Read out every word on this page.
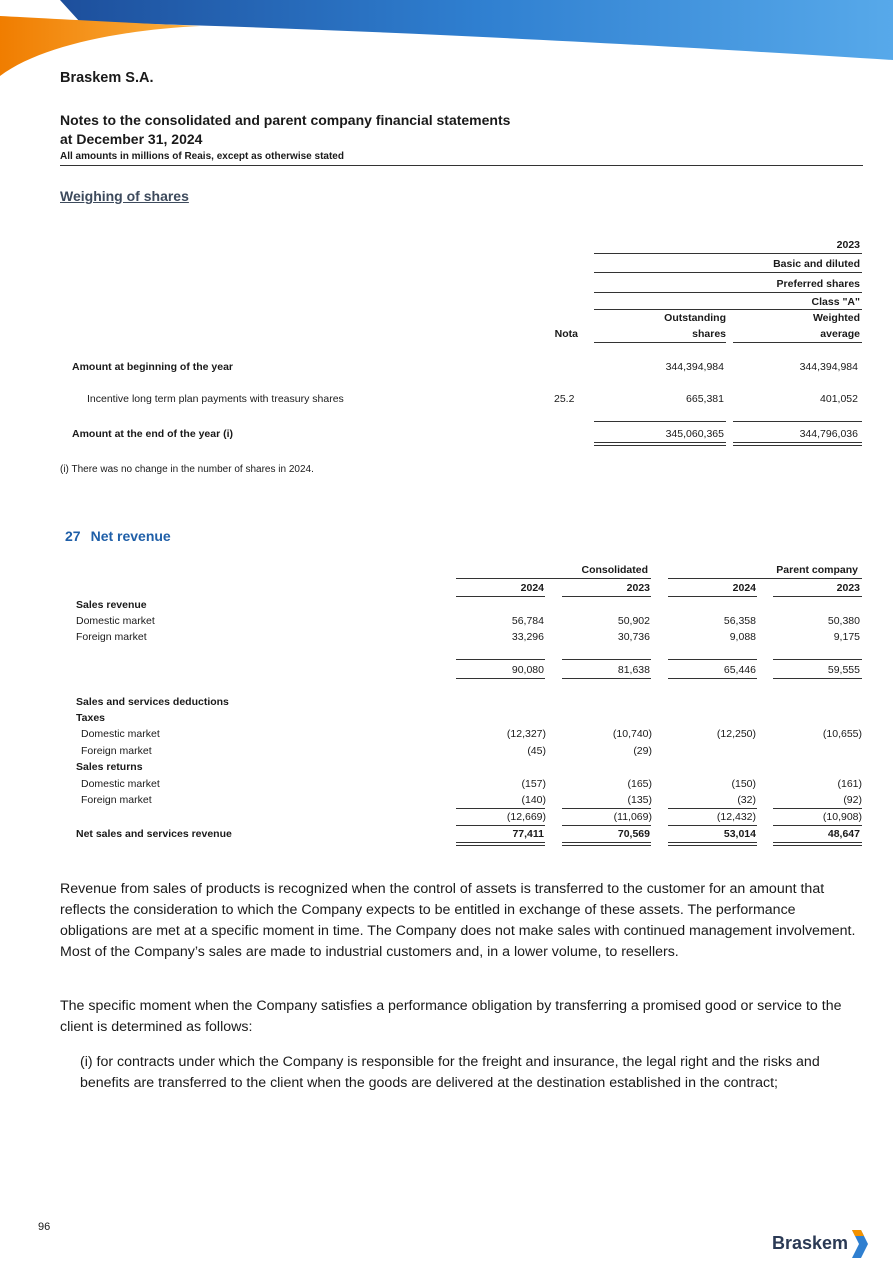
Braskem S.A.
Notes to the consolidated and parent company financial statements
at December 31, 2024
All amounts in millions of Reais, except as otherwise stated
Weighing of shares
2023
Basic and diluted
Preferred shares
Class "A"
Outstanding
shares
Weighted
average
Nota
Amount at beginning of the year	344,394,984	344,394,984
Incentive long term plan payments with treasury shares	25.2	665,381	401,052
Amount at the end of the year (i)	345,060,365	344,796,036
(i) There was no change in the number of shares in 2024.
27 Net revenue
Consolidated	Parent company
2024	2023	2024	2023
Sales revenue
Domestic market	56,784	50,902	56,358	50,380
Foreign market	33,296	30,736	9,088	9,175
90,080	81,638	65,446	59,555
Sales and services deductions
Taxes
Domestic market	(12,327)	(10,740)	(12,250)	(10,655)
Foreign market	(45)	(29)
Sales returns
Domestic market	(157)	(165)	(150)	(161)
Foreign market	(140)	(135)	(32)	(92)
(12,669)	(11,069)	(12,432)	(10,908)
Net sales and services revenue	77,411	70,569	53,014	48,647

Revenue from sales of products is recognized when the control of assets is transferred to the customer for an amount that reflects the consideration to which the Company expects to be entitled in exchange of these assets. The performance obligations are met at a specific moment in time. The Company does not make sales with continued management involvement. Most of the Company’s sales are made to industrial customers and, in a lower volume, to resellers.

The specific moment when the Company satisfies a performance obligation by transferring a promised good or service to the client is determined as follows:

(i) for contracts under which the Company is responsible for the freight and insurance, the legal right and the risks and benefits are transferred to the client when the goods are delivered at the destination established in the contract;

96
Braskem
